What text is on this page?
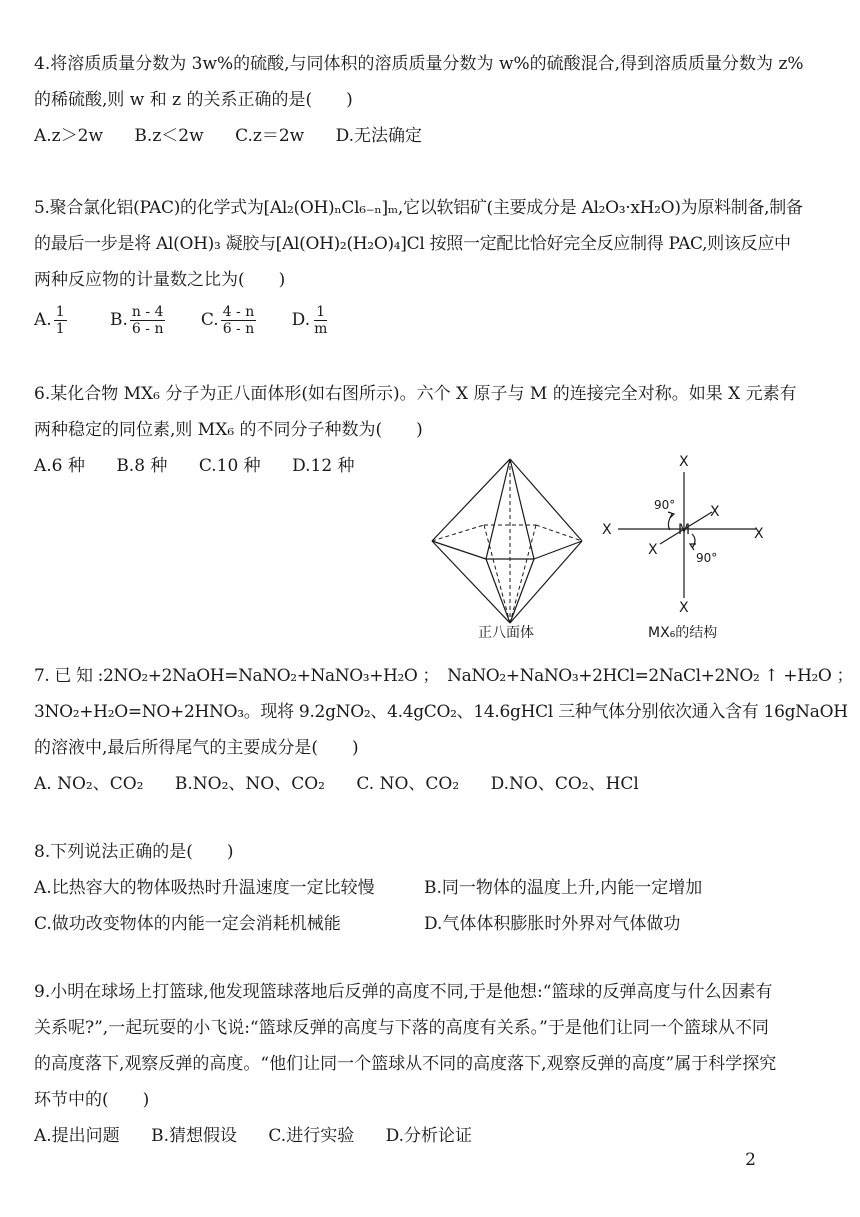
4.将溶质质量分数为 3w%的硫酸,与同体积的溶质质量分数为 w%的硫酸混合,得到溶质质量分数为 z%
的稀硫酸,则 w 和 z 的关系正确的是(　　)
A.z＞2w B.z＜2w C.z＝2w D.无法确定
5.聚合氯化铝(PAC)的化学式为[Al₂(OH)ₙCl₆₋ₙ]ₘ,它以软铝矿(主要成分是 Al₂O₃·xH₂O)为原料制备,制备
的最后一步是将 Al(OH)₃ 凝胶与[Al(OH)₂(H₂O)₄]Cl 按照一定配比恰好完全反应制得 PAC,则该反应中
两种反应物的计量数之比为(　　)
A. $\frac{1}{1}$	B. $\frac{n - 4}{6 - n} C$. $\frac{4 - n}{6 - n} D$. $\frac{1}{m}$
6.某化合物 MX₆ 分子为正八面体形(如右图所示)。六个 X 原子与 M 的连接完全对称。如果 X 元素有
两种稳定的同位素,则 MX₆ 的不同分子种数为(　　)
A.6 种 B.8 种 C.10 种 D.12 种
正八面体
X
X
X	X
X
X
M
90°
90°
MX₆的结构
7. 已 知 :2NO₂+2NaOH=NaNO₂+NaNO₃+H₂O ；　NaNO₂+NaNO₃+2HCl=2NaCl+2NO₂ ↑ +H₂O ；
3NO₂+H₂O=NO+2HNO₃。现将 9.2gNO₂、4.4gCO₂、14.6gHCl 三种气体分别依次通入含有 16gNaOH
的溶液中,最后所得尾气的主要成分是(　　)
A. NO₂、CO₂ B.NO₂、NO、CO₂ C. NO、CO₂ D.NO、CO₂、HCl
8.下列说法正确的是(　　)
A.比热容大的物体吸热时升温速度一定比较慢	B.同一物体的温度上升,内能一定增加
C.做功改变物体的内能一定会消耗机械能	D.气体体积膨胀时外界对气体做功
9.小明在球场上打篮球,他发现篮球落地后反弹的高度不同,于是他想:“篮球的反弹高度与什么因素有
关系呢?”,一起玩耍的小飞说:“篮球反弹的高度与下落的高度有关系。”于是他们让同一个篮球从不同
的高度落下,观察反弹的高度。“他们让同一个篮球从不同的高度落下,观察反弹的高度”属于科学探究
环节中的(　　)
A.提出问题 B.猜想假设 C.进行实验 D.分析论证
2
